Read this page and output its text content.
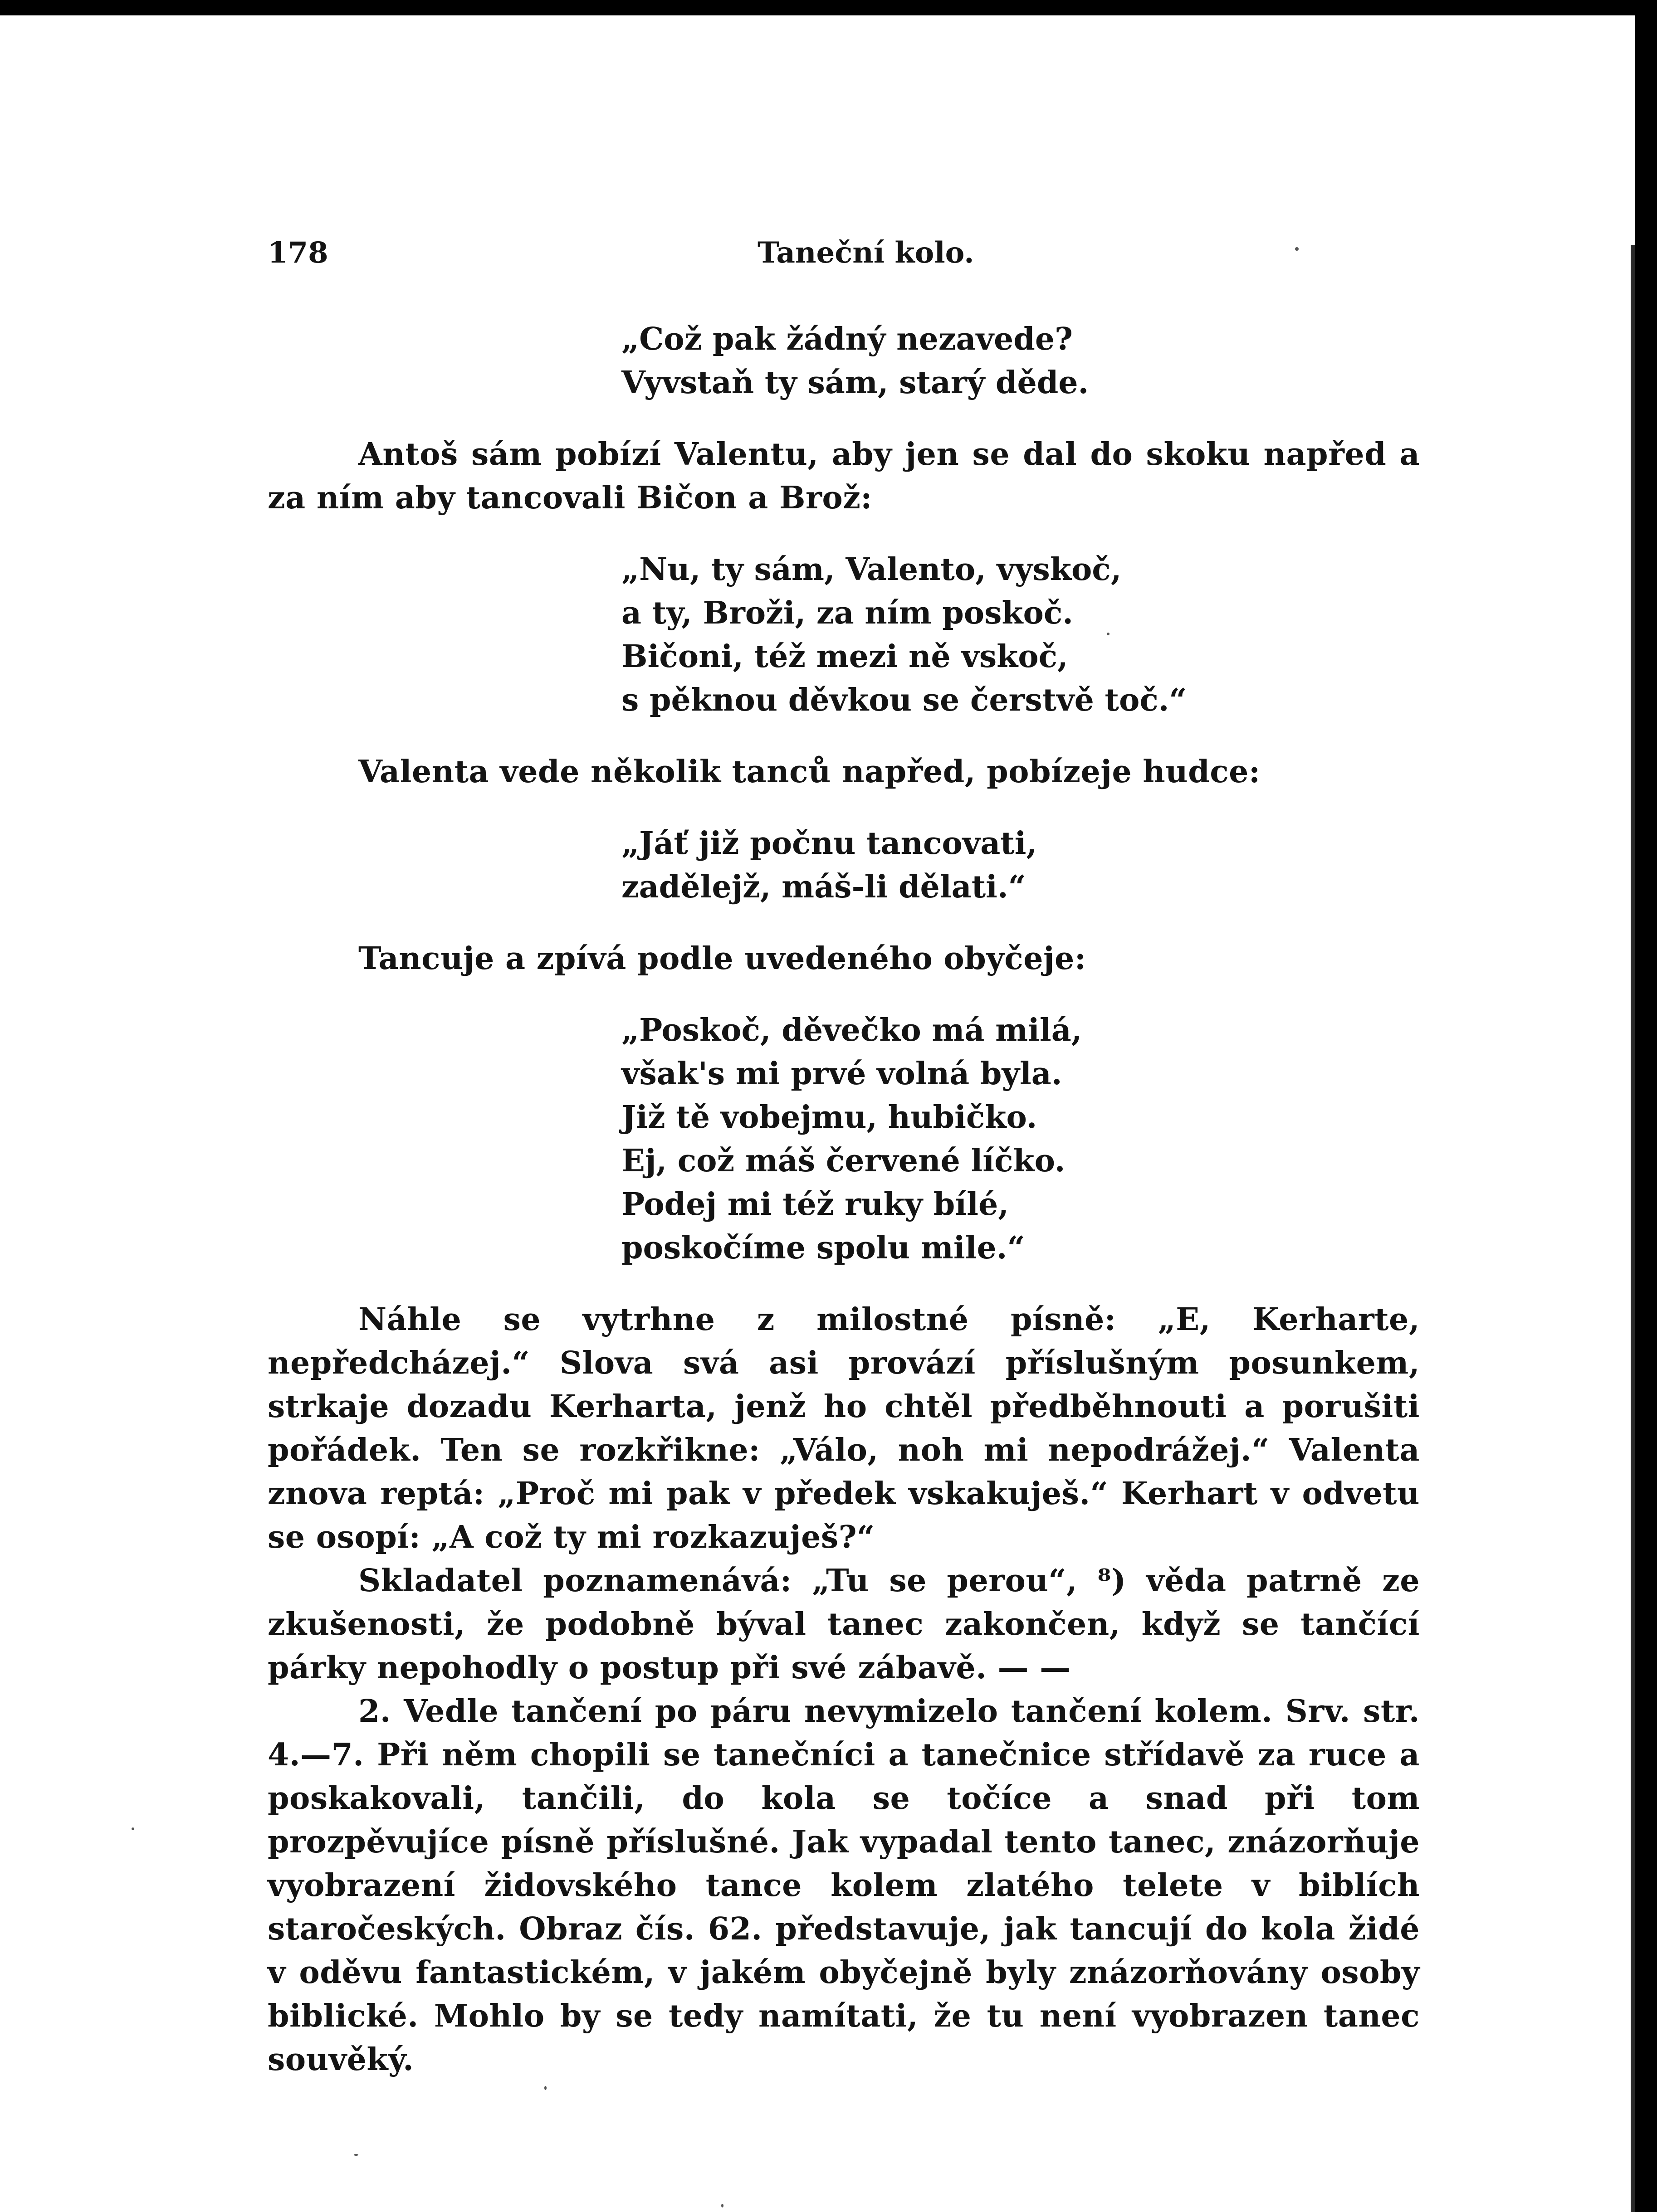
178	Taneční kolo.
„Což pak žádný nezavede?
Vyvstaň ty sám, starý děde.

Antoš sám pobízí Valentu, aby jen se dal do skoku napřed a za ním aby tancovali Bičon a Brož:

„Nu, ty sám, Valento, vyskoč,
a ty, Broži, za ním poskoč.
Bičoni, též mezi ně vskoč,
s pěknou děvkou se čerstvě toč.“

Valenta vede několik tanců napřed, pobízeje hudce:

„Jáť již počnu tancovati,
zadělejž, máš-li dělati.“

Tancuje a zpívá podle uvedeného obyčeje:

„Poskoč, děvečko má milá,
však's mi prvé volná byla.
Již tě vobejmu, hubičko.
Ej, což máš červené líčko.
Podej mi též ruky bílé,
poskočíme spolu mile.“

Náhle se vytrhne z milostné písně: „E, Kerharte, nepředcházej.“ Slova svá asi provází příslušným posunkem, strkaje dozadu Kerharta, jenž ho chtěl předběhnouti a porušiti pořádek. Ten se rozkřikne: „Válo, noh mi nepodrážej.“ Valenta znova reptá: „Proč mi pak v předek vskakuješ.“ Kerhart v odvetu se osopí: „A což ty mi rozkazuješ?“

Skladatel poznamenává: „Tu se perou“, ⁸) věda patrně ze zkušenosti, že podobně býval tanec zakončen, když se tančící párky nepohodly o postup při své zábavě. — —

2. Vedle tančení po páru nevymizelo tančení kolem. Srv. str. 4.—7. Při něm chopili se tanečníci a tanečnice střídavě za ruce a poskakovali, tančili, do kola se točíce a snad při tom prozpěvujíce písně příslušné. Jak vypadal tento tanec, znázorňuje vyobrazení židovského tance kolem zlatého telete v biblích staročeských. Obraz čís. 62. představuje, jak tancují do kola židé v oděvu fantastickém, v jakém obyčejně byly znázorňovány osoby biblické. Mohlo by se tedy namítati, že tu není vyobrazen tanec souvěký.
